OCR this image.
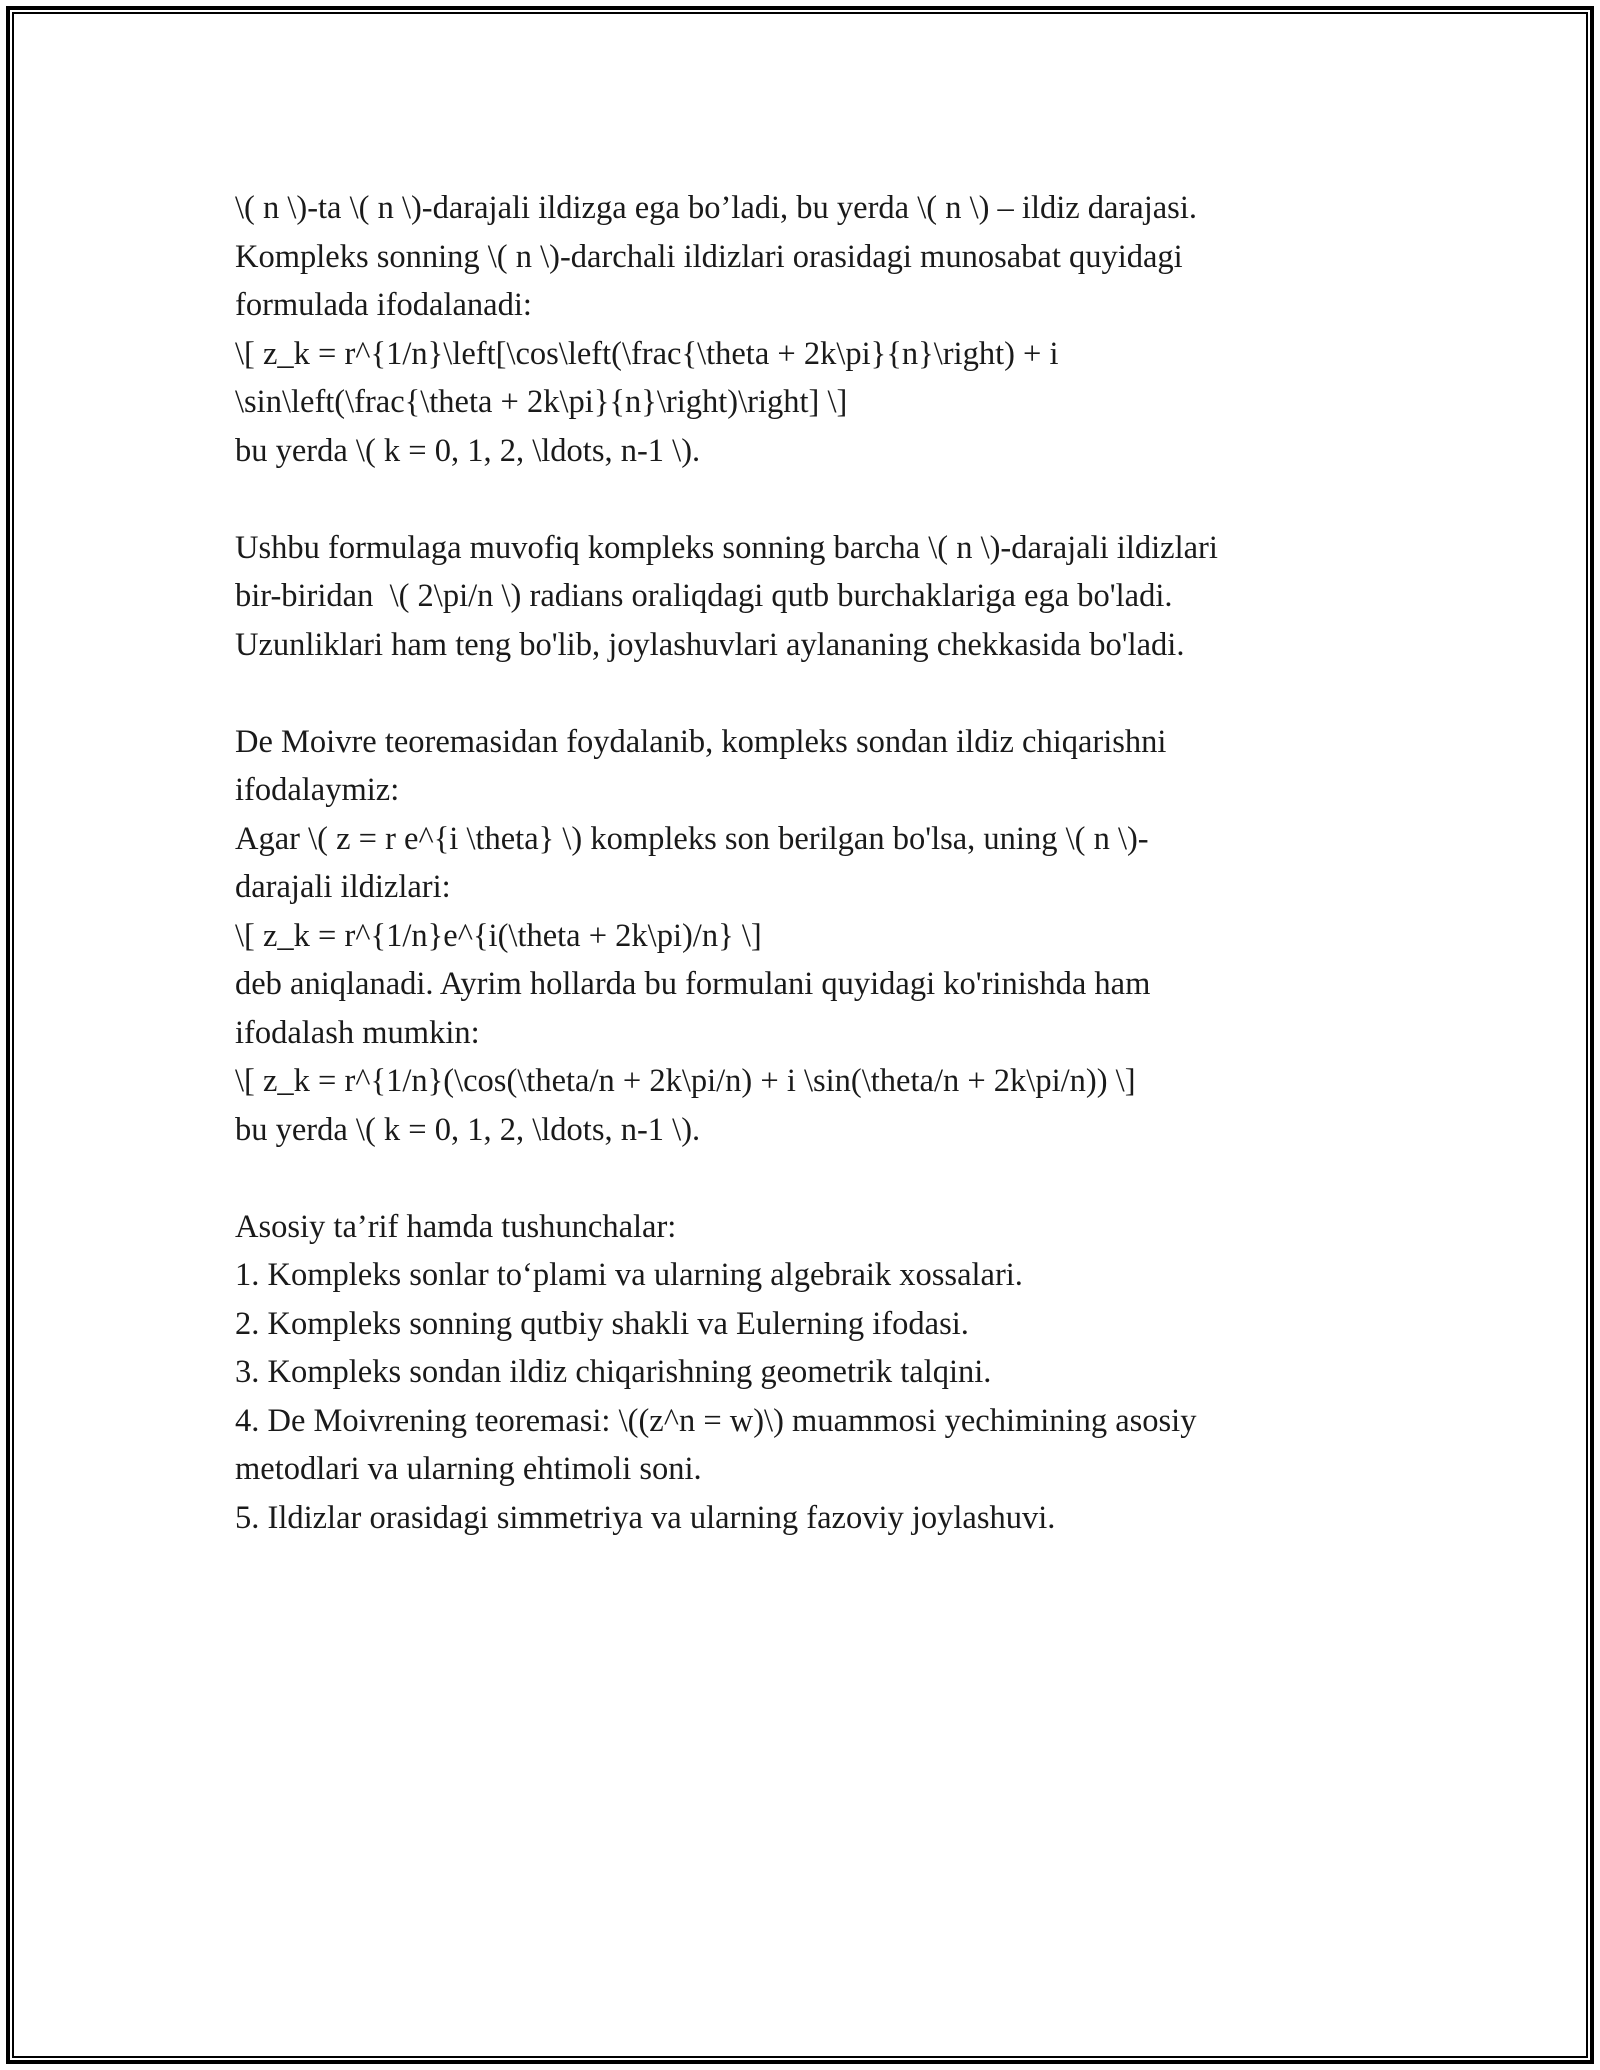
\( n \)-ta \( n \)-darajali ildizga ega bo’ladi, bu yerda \( n \) – ildiz darajasi.

Kompleks sonning \( n \)-darchali ildizlari orasidagi munosabat quyidagi

formulada ifodalanadi:

\[ z_k = r^{1/n}\left[\cos\left(\frac{\theta + 2k\pi}{n}\right) + i

\sin\left(\frac{\theta + 2k\pi}{n}\right)\right] \]

bu yerda \( k = 0, 1, 2, \ldots, n-1 \).

Ushbu formulaga muvofiq kompleks sonning barcha \( n \)-darajali ildizlari

bir-biridan  \( 2\pi/n \) radians oraliqdagi qutb burchaklariga ega bo'ladi.

Uzunliklari ham teng bo'lib, joylashuvlari aylananing chekkasida bo'ladi.

De Moivre teoremasidan foydalanib, kompleks sondan ildiz chiqarishni

ifodalaymiz:

Agar \( z = r e^{i \theta} \) kompleks son berilgan bo'lsa, uning \( n \)-

darajali ildizlari:

\[ z_k = r^{1/n}e^{i(\theta + 2k\pi)/n} \]

deb aniqlanadi. Ayrim hollarda bu formulani quyidagi ko'rinishda ham

ifodalash mumkin:

\[ z_k = r^{1/n}(\cos(\theta/n + 2k\pi/n) + i \sin(\theta/n + 2k\pi/n)) \]

bu yerda \( k = 0, 1, 2, \ldots, n-1 \).

Asosiy ta’rif hamda tushunchalar:

1. Kompleks sonlar to‘plami va ularning algebraik xossalari.

2. Kompleks sonning qutbiy shakli va Eulerning ifodasi.

3. Kompleks sondan ildiz chiqarishning geometrik talqini.

4. De Moivrening teoremasi: \((z^n = w)\) muammosi yechimining asosiy

metodlari va ularning ehtimoli soni.

5. Ildizlar orasidagi simmetriya va ularning fazoviy joylashuvi.
